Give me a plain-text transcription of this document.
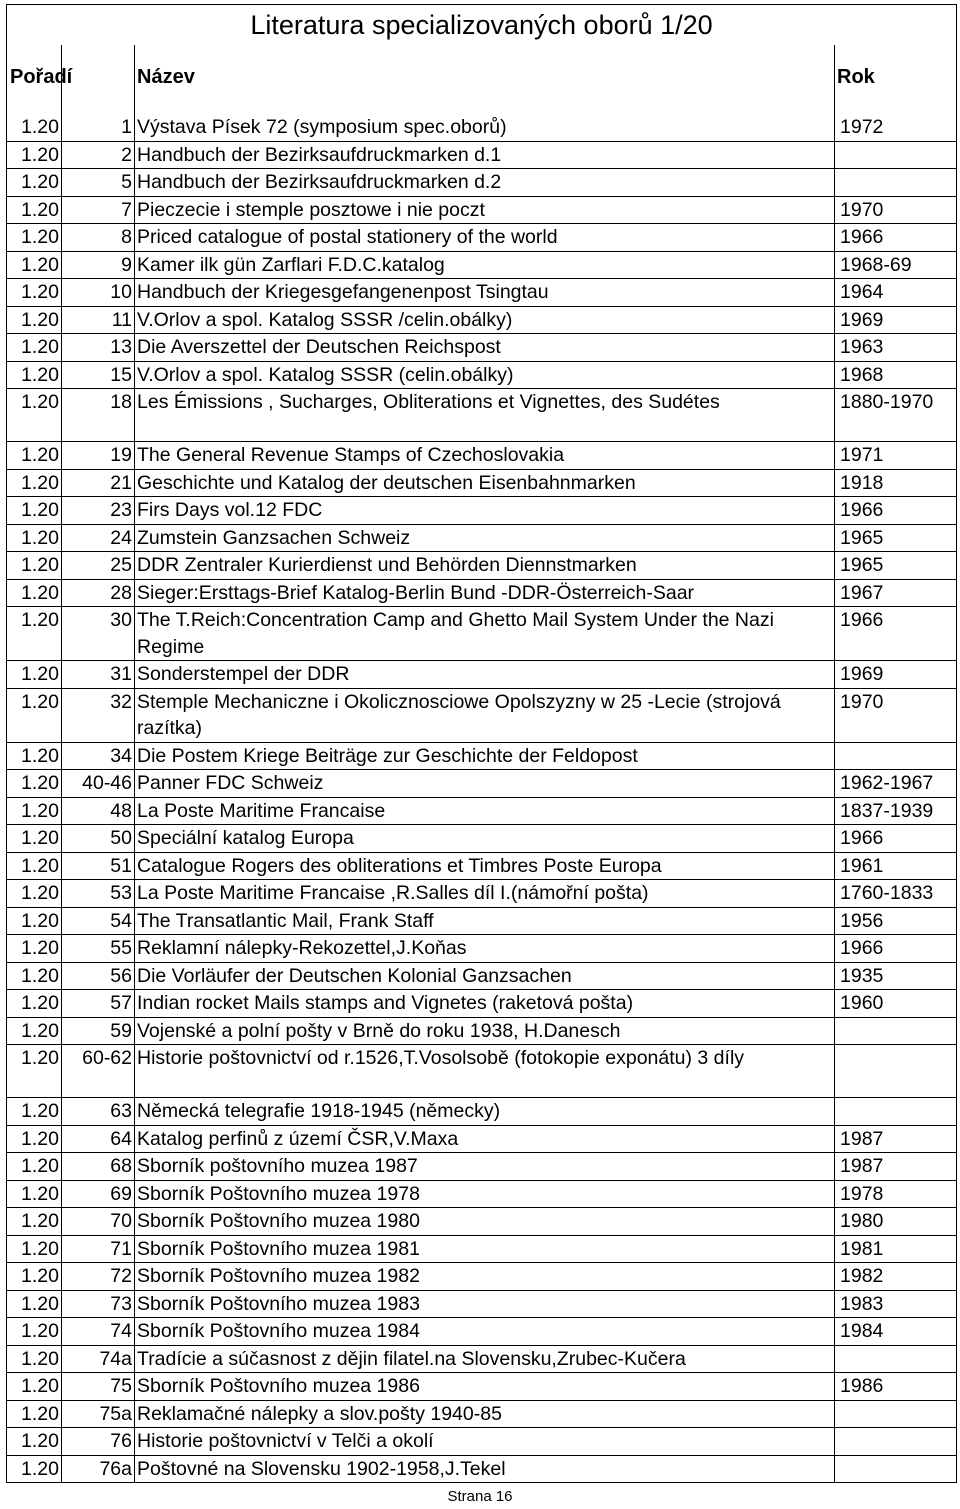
Literatura specializovaných oborů 1/20			

Pořadí		Název	Rok

1.20	1	Výstava Písek 72 (symposium spec.oborů)	1972
1.20	2	Handbuch der Bezirksaufdruckmarken d.1	
1.20	5	Handbuch der Bezirksaufdruckmarken d.2	
1.20	7	Pieczecie i stemple posztowe i nie poczt	1970
1.20	8	Priced catalogue of postal stationery of the world	1966
1.20	9	Kamer ilk gün Zarflari F.D.C.katalog	1968-69
1.20	10	Handbuch der Kriegesgefangenenpost Tsingtau	1964
1.20	11	V.Orlov a spol. Katalog SSSR /celin.obálky)	1969
1.20	13	Die Averszettel der Deutschen Reichspost	1963
1.20	15	V.Orlov a spol. Katalog SSSR (celin.obálky)	1968
1.20	18	Les Émissions , Sucharges, Obliterations et Vignettes, des Sudétes	1880-1970
1.20	19	The General Revenue Stamps of Czechoslovakia	1971
1.20	21	Geschichte und Katalog der deutschen Eisenbahnmarken	1918
1.20	23	Firs Days vol.12 FDC	1966
1.20	24	Zumstein Ganzsachen Schweiz	1965
1.20	25	DDR Zentraler Kurierdienst und Behörden Diennstmarken	1965
1.20	28	Sieger:Ersttags-Brief Katalog-Berlin Bund -DDR-Österreich-Saar	1967
1.20	30	The T.Reich:Concentration Camp and Ghetto Mail System Under the Nazi Regime	1966
1.20	31	Sonderstempel der DDR	1969
1.20	32	Stemple Mechaniczne i Okolicznosciowe Opolszyzny w 25 -Lecie (strojová razítka)	1970
1.20	34	Die Postem Kriege Beiträge zur Geschichte der Feldopost	
1.20	40-46	Panner FDC Schweiz	1962-1967
1.20	48	La Poste Maritime Francaise	1837-1939
1.20	50	Speciální katalog Europa	1966
1.20	51	Catalogue Rogers des obliterations et Timbres Poste Europa	1961
1.20	53	La Poste Maritime Francaise ,R.Salles díl I.(námořní pošta)	1760-1833
1.20	54	The Transatlantic Mail, Frank Staff	1956
1.20	55	Reklamní nálepky-Rekozettel,J.Koňas	1966
1.20	56	Die Vorläufer der Deutschen Kolonial Ganzsachen	1935
1.20	57	Indian rocket Mails stamps and Vignetes (raketová pošta)	1960
1.20	59	Vojenské a polní pošty v Brně do roku 1938, H.Danesch	
1.20	60-62	Historie poštovnictví od r.1526,T.Vosolsobě (fotokopie exponátu) 3 díly	
1.20	63	Německá telegrafie 1918-1945 (německy)	
1.20	64	Katalog perfinů z území ČSR,V.Maxa	1987
1.20	68	Sborník poštovního muzea 1987	1987
1.20	69	Sborník Poštovního muzea 1978	1978
1.20	70	Sborník Poštovního muzea 1980	1980
1.20	71	Sborník Poštovního muzea 1981	1981
1.20	72	Sborník Poštovního muzea 1982	1982
1.20	73	Sborník Poštovního muzea 1983	1983
1.20	74	Sborník Poštovního muzea 1984	1984
1.20	74a	Tradície a súčasnost z dějin filatel.na Slovensku,Zrubec-Kučera	
1.20	75	Sborník Poštovního muzea 1986	1986
1.20	75a	Reklamačné nálepky a slov.pošty 1940-85	
1.20	76	Historie poštovnictví v Telči a okolí	
1.20	76a	Poštovné na Slovensku 1902-1958,J.Tekel	
Strana 16
